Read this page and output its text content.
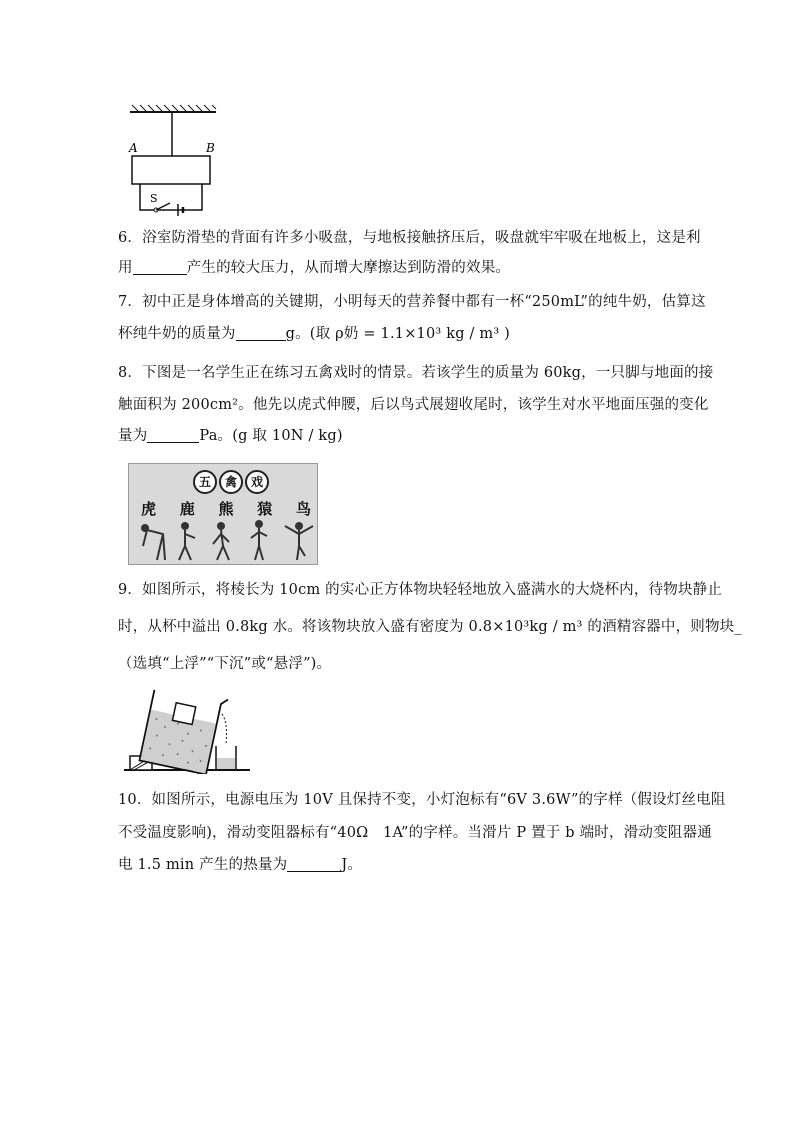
A	B
S
6．浴室防滑垫的背面有许多小吸盘，与地板接触挤压后，吸盘就牢牢吸在地板上，这是利
用	产生的较大压力，从而增大摩擦达到防滑的效果。
7．初中正是身体增高的关键期，小明每天的营养餐中都有一杯“250mL”的纯牛奶，估算这
杯纯牛奶的质量为	g。(取 ρ奶 = 1.1×10³ kg / m³ )
8．下图是一名学生正在练习五禽戏时的情景。若该学生的质量为 60kg，一只脚与地面的接
触面积为 200cm²。他先以虎式伸腰，后以鸟式展翅收尾时，该学生对水平地面压强的变化
量为	Pa。(g 取 10N / kg)
五	禽	戏
虎 鹿 熊 猿 鸟
9．如图所示，将棱长为 10cm 的实心正方体物块轻轻地放入盛满水的大烧杯内，待物块静止
时，从杯中溢出 0.8kg 水。将该物块放入盛有密度为 0.8×10³kg / m³ 的酒精容器中，则物块_
（选填“上浮”“下沉”或“悬浮”)。
10．如图所示，电源电压为 10V 且保持不变，小灯泡标有“6V 3.6W”的字样（假设灯丝电阻
不受温度影响)，滑动变阻器标有“40Ω　1A”的字样。当滑片 P 置于 b 端时，滑动变阻器通
电 1.5 min 产生的热量为	J。
